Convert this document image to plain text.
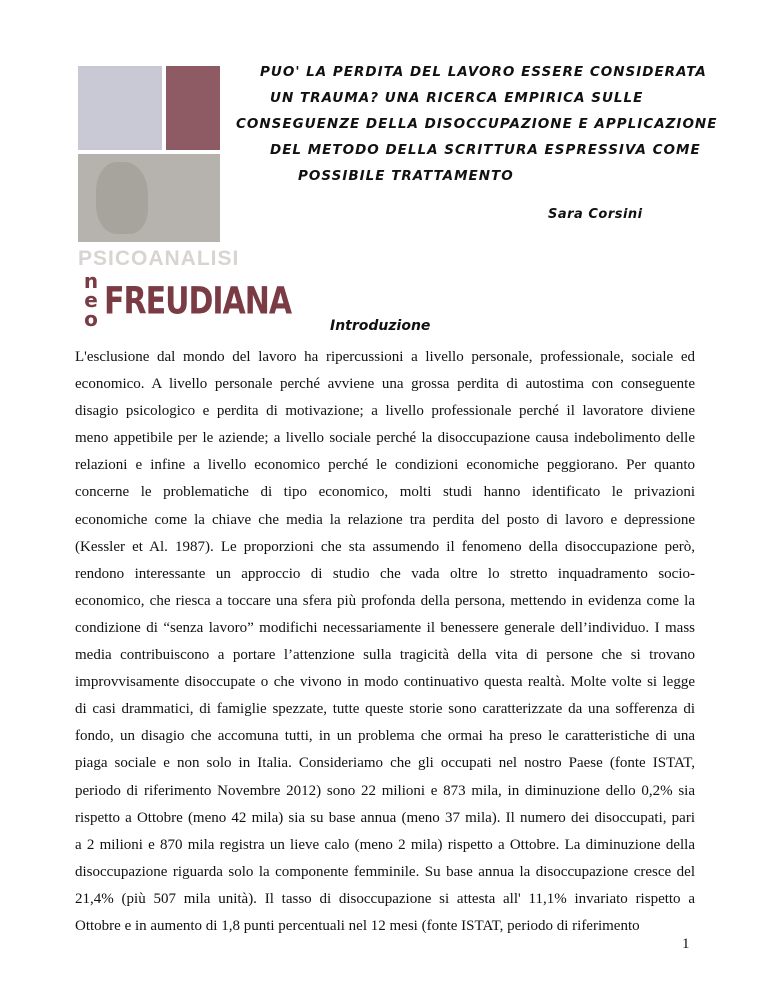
PSICOANALISI
n
e
o FREUDIANA
PUO' LA PERDITA DEL LAVORO ESSERE CONSIDERATA
UN TRAUMA? UNA RICERCA EMPIRICA SULLE
CONSEGUENZE DELLA DISOCCUPAZIONE E APPLICAZIONE
DEL METODO DELLA SCRITTURA ESPRESSIVA COME
POSSIBILE TRATTAMENTO
Sara Corsini
Introduzione
L'esclusione dal mondo del lavoro ha ripercussioni a livello personale, professionale, sociale ed
economico. A livello personale perché avviene una grossa perdita di autostima con conseguente
disagio psicologico e perdita di motivazione; a livello professionale perché il lavoratore diviene
meno appetibile per le aziende; a livello sociale perché la disoccupazione causa indebolimento delle
relazioni e infine a livello economico perché le condizioni economiche peggiorano. Per quanto
concerne le problematiche di tipo economico, molti studi hanno identificato le privazioni
economiche come la chiave che media la relazione tra perdita del posto di lavoro e depressione
(Kessler et Al. 1987). Le proporzioni che sta assumendo il fenomeno della disoccupazione però,
rendono interessante un approccio di studio che vada oltre lo stretto inquadramento socio-
economico, che riesca a toccare una sfera più profonda della persona, mettendo in evidenza come la
condizione di “senza lavoro” modifichi necessariamente il benessere generale dell’individuo. I mass
media contribuiscono a portare l’attenzione sulla tragicità della vita di persone che si trovano
improvvisamente disoccupate o che vivono in modo continuativo questa realtà. Molte volte si legge
di casi drammatici, di famiglie spezzate, tutte queste storie sono caratterizzate da una sofferenza di
fondo, un disagio che accomuna tutti, in un problema che ormai ha preso le caratteristiche di una
piaga sociale e non solo in Italia. Consideriamo che gli occupati nel nostro Paese (fonte ISTAT,
periodo di riferimento Novembre 2012) sono 22 milioni e 873 mila, in diminuzione dello 0,2% sia
rispetto a Ottobre (meno 42 mila) sia su base annua (meno 37 mila). Il numero dei disoccupati, pari
a 2 milioni e 870 mila registra un lieve calo (meno 2 mila) rispetto a Ottobre. La diminuzione della
disoccupazione riguarda solo la componente femminile. Su base annua la disoccupazione cresce del
21,4% (più 507 mila unità). Il tasso di disoccupazione si attesta all' 11,1% invariato rispetto a
Ottobre e in aumento di 1,8 punti percentuali nel 12 mesi (fonte ISTAT, periodo di riferimento
1
